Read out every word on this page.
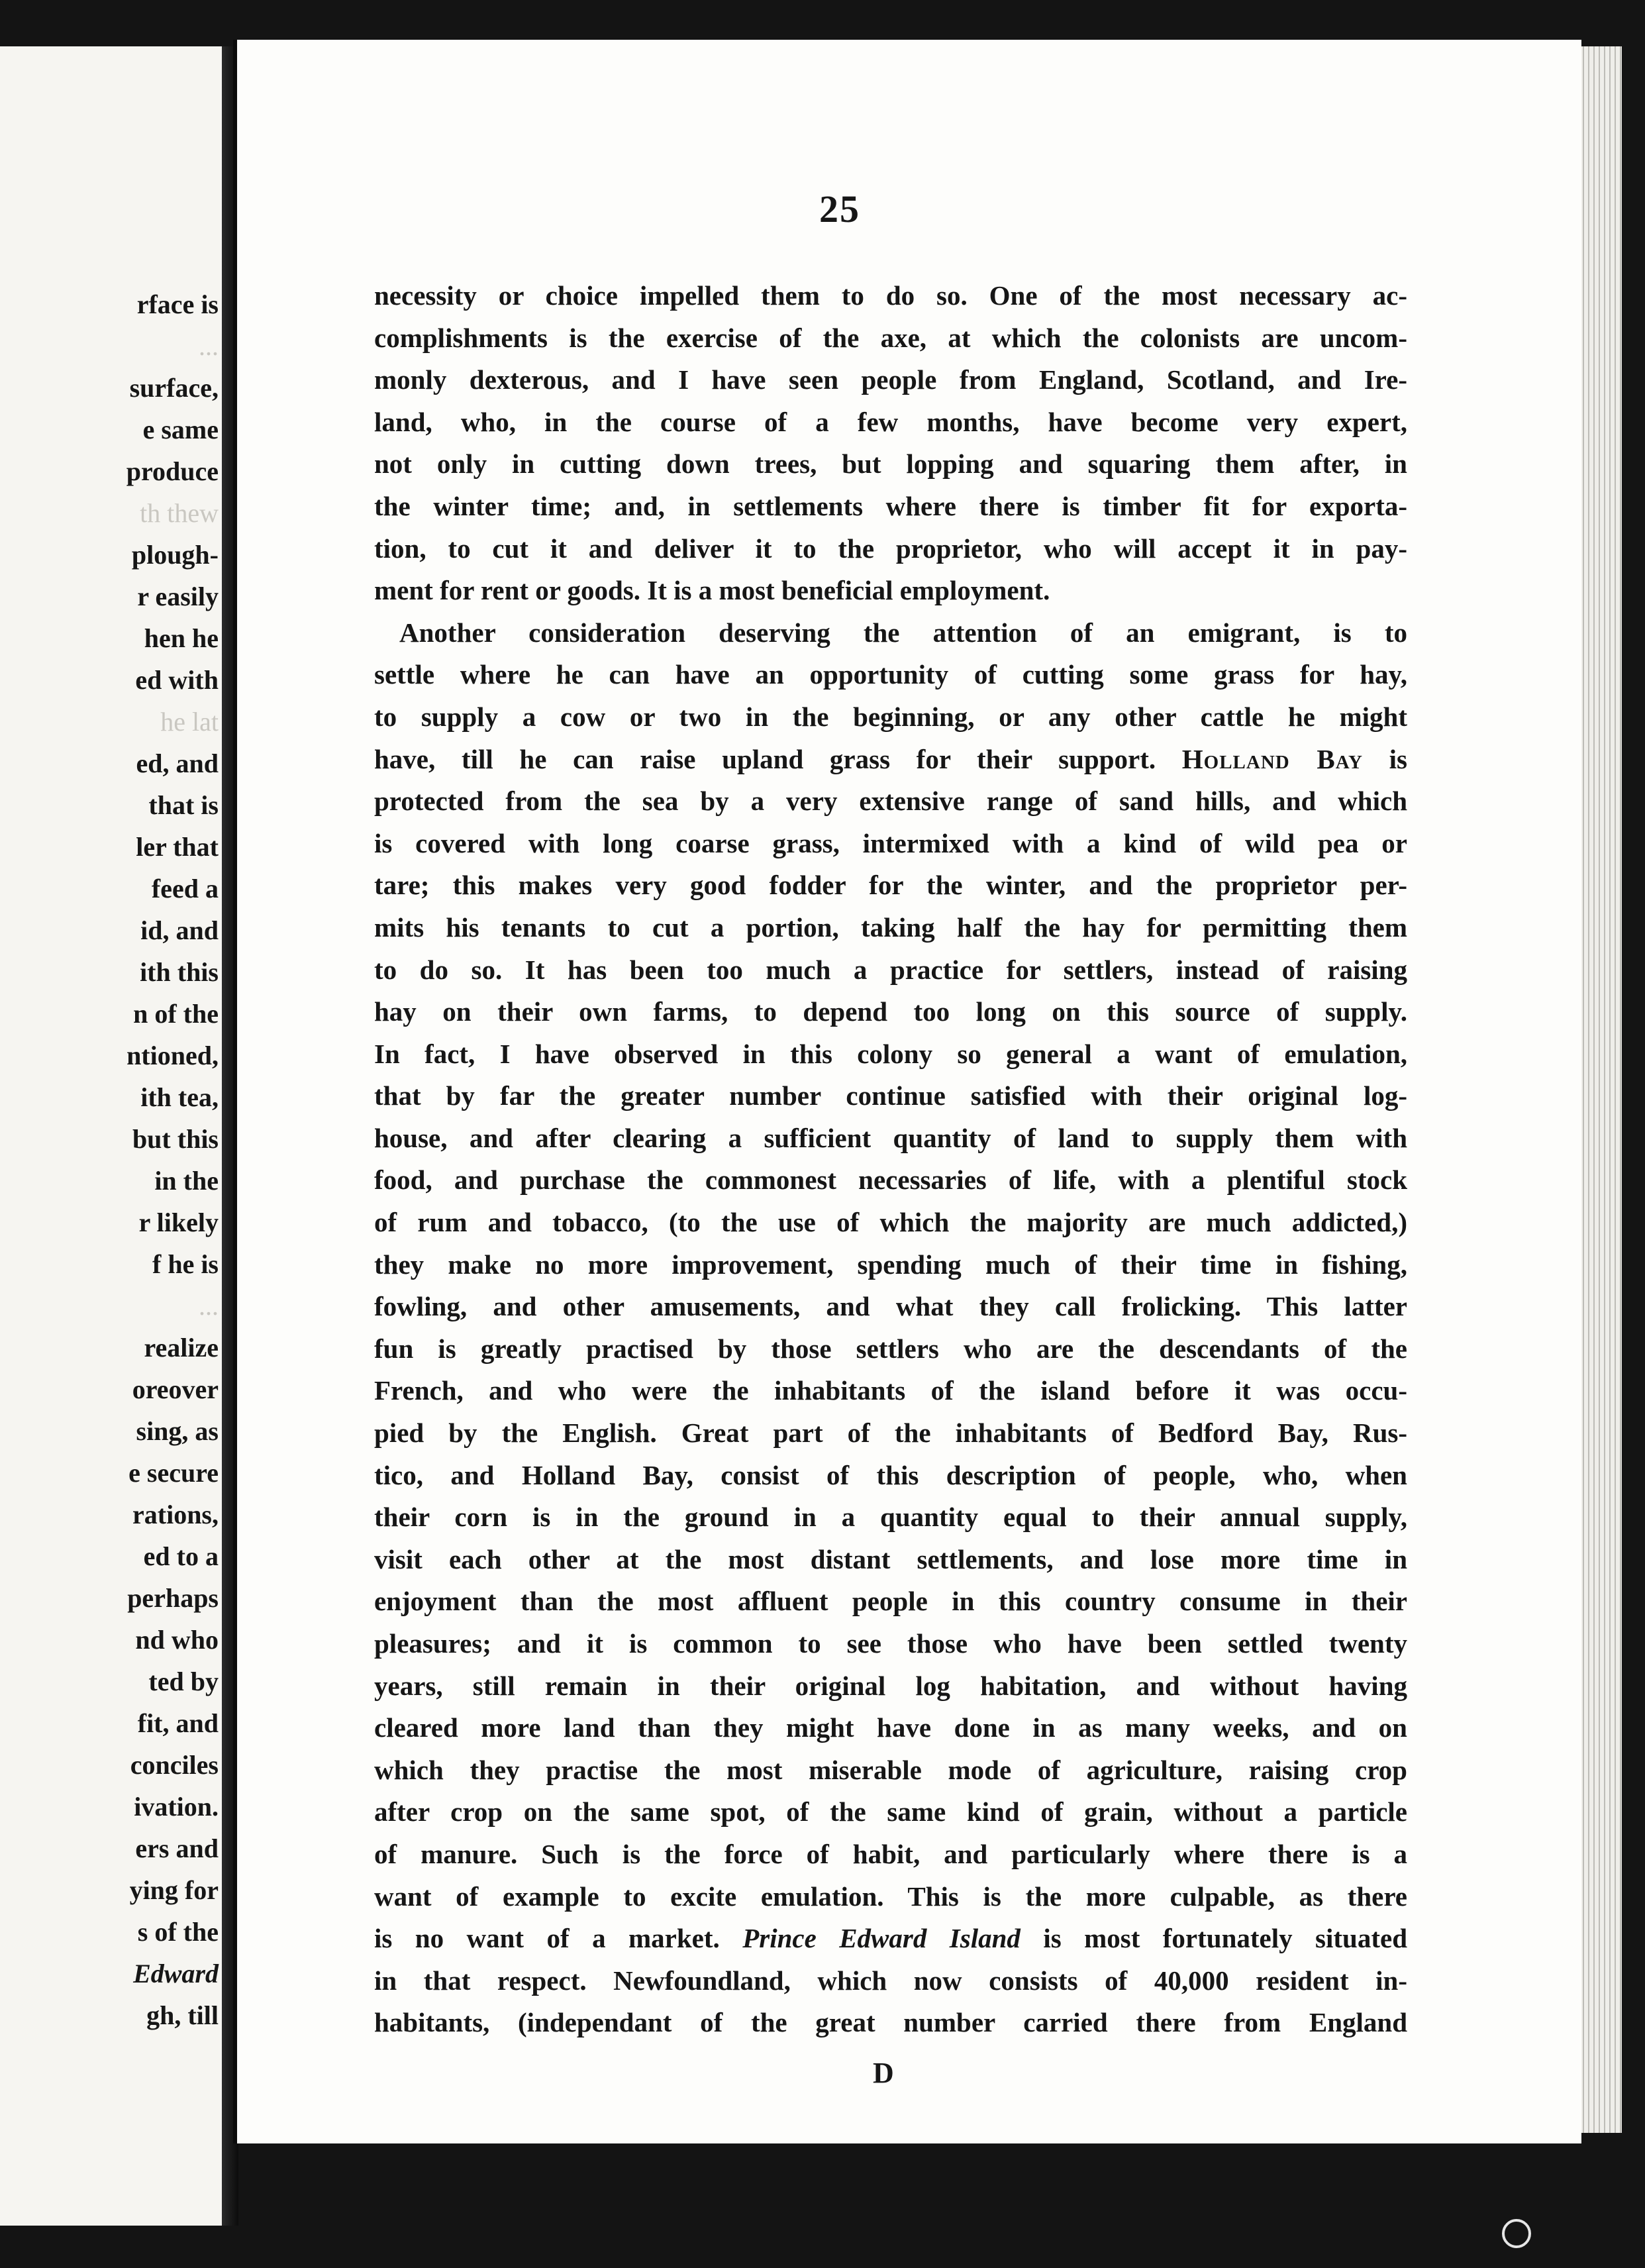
rface is
...
surface,
e same
produce
th thew
plough-
r easily
hen he
ed with
he lat
ed, and
that is
ler that
feed a
id, and
ith this
n of the
ntioned,
ith tea,
but this
in the
r likely
f he is
...
realize
oreover
sing, as
e secure
rations,
ed to a
perhaps
nd who
ted by
fit, and
conciles
ivation.
ers and
ying for
s of the
Edward
gh, till
25
necessity or choice impelled them to do so. One of the most necessary ac-
complishments is the exercise of the axe, at which the colonists are uncom-
monly dexterous, and I have seen people from England, Scotland, and Ire-
land, who, in the course of a few months, have become very expert,
not only in cutting down trees, but lopping and squaring them after, in
the winter time; and, in settlements where there is timber fit for exporta-
tion, to cut it and deliver it to the proprietor, who will accept it in pay-
ment for rent or goods. It is a most beneficial employment.
Another consideration deserving the attention of an emigrant, is to
settle where he can have an opportunity of cutting some grass for hay,
to supply a cow or two in the beginning, or any other cattle he might
have, till he can raise upland grass for their support. Holland Bay is
protected from the sea by a very extensive range of sand hills, and which
is covered with long coarse grass, intermixed with a kind of wild pea or
tare; this makes very good fodder for the winter, and the proprietor per-
mits his tenants to cut a portion, taking half the hay for permitting them
to do so. It has been too much a practice for settlers, instead of raising
hay on their own farms, to depend too long on this source of supply.
In fact, I have observed in this colony so general a want of emulation,
that by far the greater number continue satisfied with their original log-
house, and after clearing a sufficient quantity of land to supply them with
food, and purchase the commonest necessaries of life, with a plentiful stock
of rum and tobacco, (to the use of which the majority are much addicted,)
they make no more improvement, spending much of their time in fishing,
fowling, and other amusements, and what they call frolicking. This latter
fun is greatly practised by those settlers who are the descendants of the
French, and who were the inhabitants of the island before it was occu-
pied by the English. Great part of the inhabitants of Bedford Bay, Rus-
tico, and Holland Bay, consist of this description of people, who, when
their corn is in the ground in a quantity equal to their annual supply,
visit each other at the most distant settlements, and lose more time in
enjoyment than the most affluent people in this country consume in their
pleasures; and it is common to see those who have been settled twenty
years, still remain in their original log habitation, and without having
cleared more land than they might have done in as many weeks, and on
which they practise the most miserable mode of agriculture, raising crop
after crop on the same spot, of the same kind of grain, without a particle
of manure. Such is the force of habit, and particularly where there is a
want of example to excite emulation. This is the more culpable, as there
is no want of a market. Prince Edward Island is most fortunately situated
in that respect. Newfoundland, which now consists of 40,000 resident in-
habitants, (independant of the great number carried there from England
D
